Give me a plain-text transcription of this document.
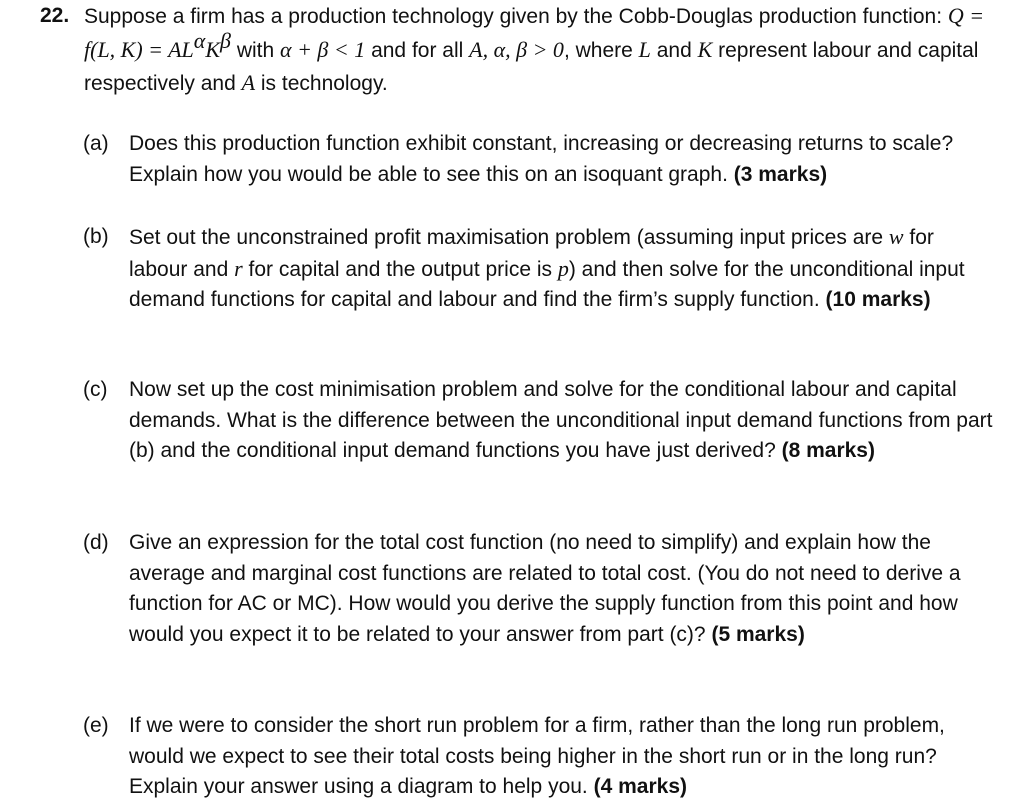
22. Suppose a firm has a production technology given by the Cobb-Douglas production function: Q = f(L, $K) = AL^\alpha K^\beta$ with α + β < 1 and for all A, α, β > 0, where L and K represent labour and capital respectively and A is technology.
(a) Does this production function exhibit constant, increasing or decreasing returns to scale? Explain how you would be able to see this on an isoquant graph. (3 marks)
(b) Set out the unconstrained profit maximisation problem (assuming input prices are w for labour and r for capital and the output price is p) and then solve for the unconditional input demand functions for capital and labour and find the firm’s supply function. (10 marks)
(c) Now set up the cost minimisation problem and solve for the conditional labour and capital demands. What is the difference between the unconditional input demand functions from part (b) and the conditional input demand functions you have just derived? (8 marks)
(d) Give an expression for the total cost function (no need to simplify) and explain how the average and marginal cost functions are related to total cost. (You do not need to derive a function for AC or MC). How would you derive the supply function from this point and how would you expect it to be related to your answer from part (c)? (5 marks)
(e) If we were to consider the short run problem for a firm, rather than the long run problem, would we expect to see their total costs being higher in the short run or in the long run? Explain your answer using a diagram to help you. (4 marks)
